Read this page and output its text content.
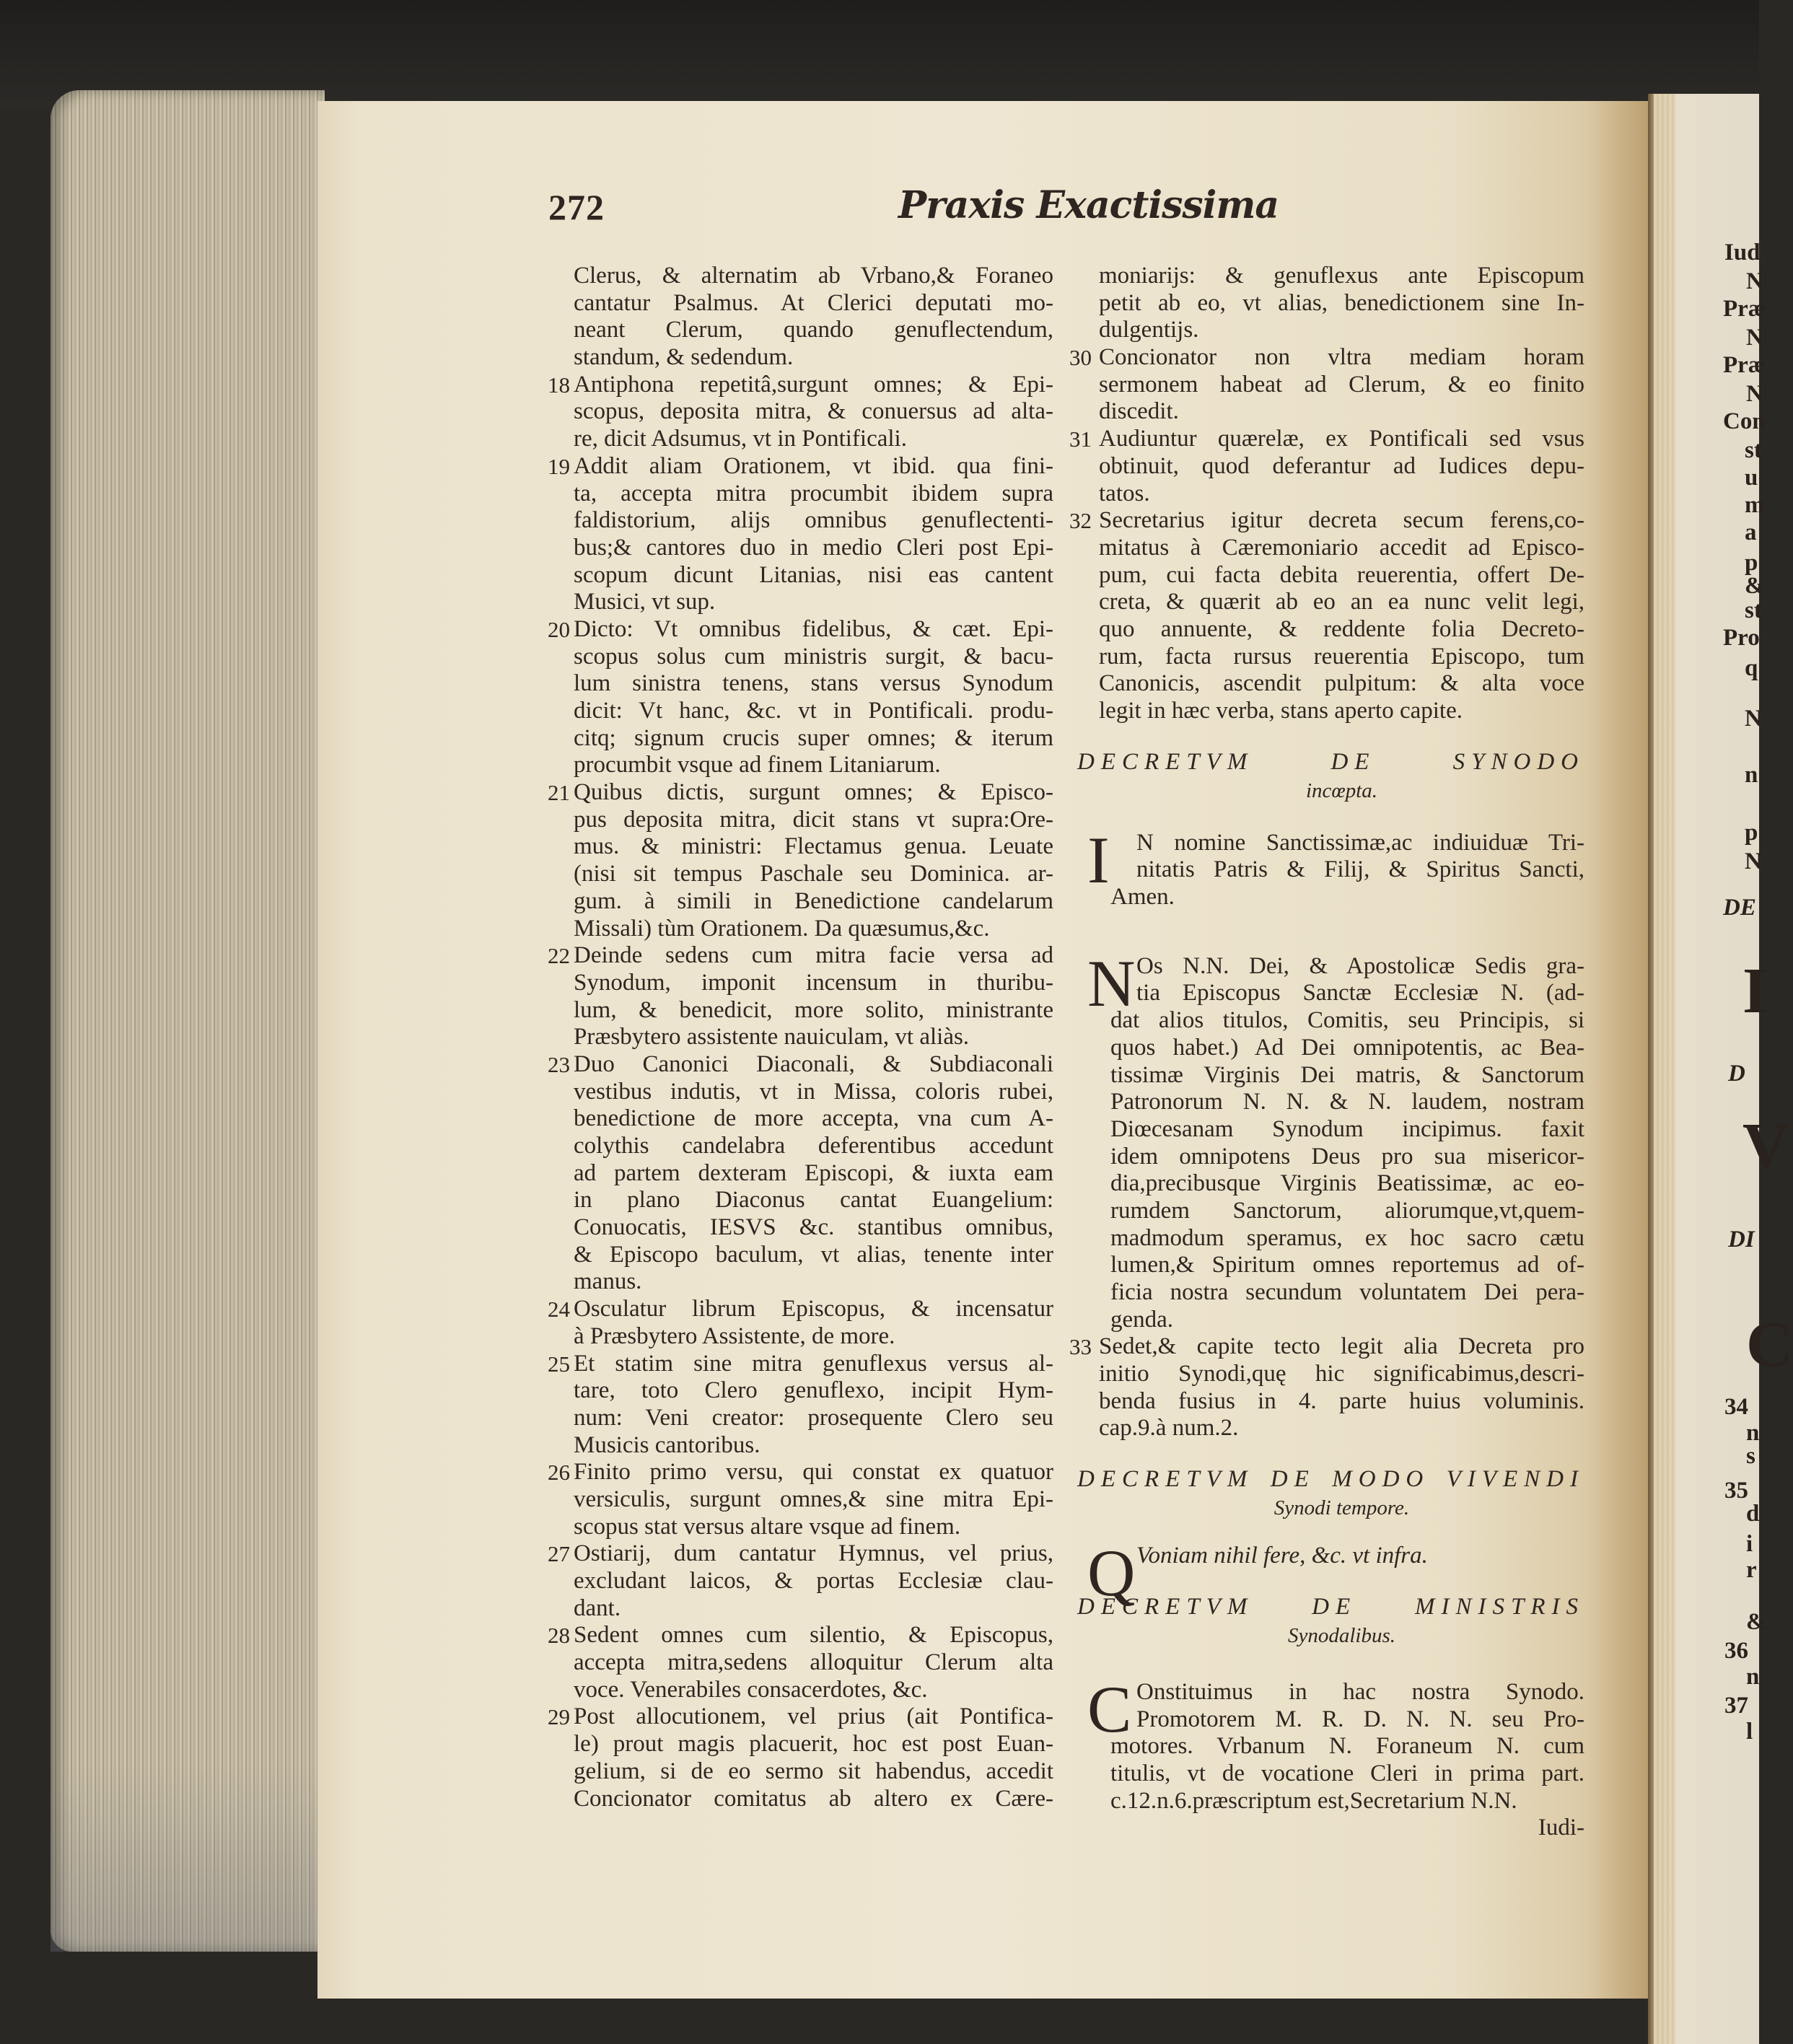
272	Praxis Exactissima
Clerus, & alternatim ab Vrbano,& Foraneo
cantatur Psalmus. At Clerici deputati mo-
neant Clerum, quando genuflectendum,
standum, & sedendum.
18 Antiphona repetitâ,surgunt omnes; & Epi-
scopus, deposita mitra, & conuersus ad alta-
re, dicit Adsumus, vt in Pontificali.
19 Addit aliam Orationem, vt ibid. qua fini-
ta, accepta mitra procumbit ibidem supra
faldistorium, alijs omnibus genuflectenti-
bus;& cantores duo in medio Cleri post Epi-
scopum dicunt Litanias, nisi eas cantent
Musici, vt sup.
20 Dicto: Vt omnibus fidelibus, & cæt. Epi-
scopus solus cum ministris surgit, & bacu-
lum sinistra tenens, stans versus Synodum
dicit: Vt hanc, &c. vt in Pontificali. produ-
citq; signum crucis super omnes; & iterum
procumbit vsque ad finem Litaniarum.
21 Quibus dictis, surgunt omnes; & Episco-
pus deposita mitra, dicit stans vt supra:Ore-
mus. & ministri: Flectamus genua. Leuate
(nisi sit tempus Paschale seu Dominica. ar-
gum. à simili in Benedictione candelarum
Missali) tùm Orationem. Da quæsumus,&c.
22 Deinde sedens cum mitra facie versa ad
Synodum, imponit incensum in thuribu-
lum, & benedicit, more solito, ministrante
Præsbytero assistente nauiculam, vt aliàs.
23 Duo Canonici Diaconali, & Subdiaconali
vestibus indutis, vt in Missa, coloris rubei,
benedictione de more accepta, vna cum A-
colythis candelabra deferentibus accedunt
ad partem dexteram Episcopi, & iuxta eam
in plano Diaconus cantat Euangelium:
Conuocatis, IESVS &c. stantibus omnibus,
& Episcopo baculum, vt alias, tenente inter
manus.
24 Osculatur librum Episcopus, & incensatur
à Præsbytero Assistente, de more.
25 Et statim sine mitra genuflexus versus al-
tare, toto Clero genuflexo, incipit Hym-
num: Veni creator: prosequente Clero seu
Musicis cantoribus.
26 Finito primo versu, qui constat ex quatuor
versiculis, surgunt omnes,& sine mitra Epi-
scopus stat versus altare vsque ad finem.
27 Ostiarij, dum cantatur Hymnus, vel prius,
excludant laicos, & portas Ecclesiæ clau-
dant.
28 Sedent omnes cum silentio, & Episcopus,
accepta mitra,sedens alloquitur Clerum alta
voce. Venerabiles consacerdotes, &c.
29 Post allocutionem, vel prius (ait Pontifica-
le) prout magis placuerit, hoc est post Euan-
gelium, si de eo sermo sit habendus, accedit
Concionator comitatus ab altero ex Cære-
moniarijs: & genuflexus ante Episcopum
petit ab eo, vt alias, benedictionem sine In-
dulgentijs.
30 Concionator non vltra mediam horam
sermonem habeat ad Clerum, & eo finito
discedit.
31 Audiuntur quærelæ, ex Pontificali sed vsus
obtinuit, quod deferantur ad Iudices depu-
tatos.
32 Secretarius igitur decreta secum ferens,co-
mitatus à Cæremoniario accedit ad Episco-
pum, cui facta debita reuerentia, offert De-
creta, & quærit ab eo an ea nunc velit legi,
quo annuente, & reddente folia Decreto-
rum, facta rursus reuerentia Episcopo, tum
Canonicis, ascendit pulpitum: & alta voce
legit in hæc verba, stans aperto capite.
DECRETVM DE SYNODO
incœpta.
I	N nomine Sanctissimæ,ac indiuiduæ Tri-
nitatis Patris & Filij, & Spiritus Sancti,
Amen.
N Os N.N. Dei, & Apostolicæ Sedis gra-
tia Episcopus Sanctæ Ecclesiæ N. (ad-
dat alios titulos, Comitis, seu Principis, si
quos habet.) Ad Dei omnipotentis, ac Bea-
tissimæ Virginis Dei matris, & Sanctorum
Patronorum N. N. & N. laudem, nostram
Diœcesanam Synodum incipimus. faxit
idem omnipotens Deus pro sua misericor-
dia,precibusque Virginis Beatissimæ, ac eo-
rumdem Sanctorum, aliorumque,vt,quem-
madmodum speramus, ex hoc sacro cætu
lumen,& Spiritum omnes reportemus ad of-
ficia nostra secundum voluntatem Dei pera-
genda.
33 Sedet,& capite tecto legit alia Decreta pro
initio Synodi,quę hic significabimus,descri-
benda fusius in 4. parte huius voluminis.
cap.9.à num.2.
DECRETVM DE MODO VIVENDI
Synodi tempore.
Q Voniam nihil fere, &c. vt infra.
DECRETVM DE MINISTRIS
Synodalibus.
C Onstituimus in hac nostra Synodo.
Promotorem M. R. D. N. N. seu Pro-
motores. Vrbanum N. Foraneum N. cum
titulis, vt de vocatione Cleri in prima part.
c.12.n.6.præscriptum est,Secretarium N.N.
Iudi-
Iud
N
Præ
N
Præ
N
Con
st
u
m
a
p
&
st
Pro
q
N
n
p
N
DE
I
D
V
DI
C
34
n
s
35
d
i
r
&
36
n
37
l
